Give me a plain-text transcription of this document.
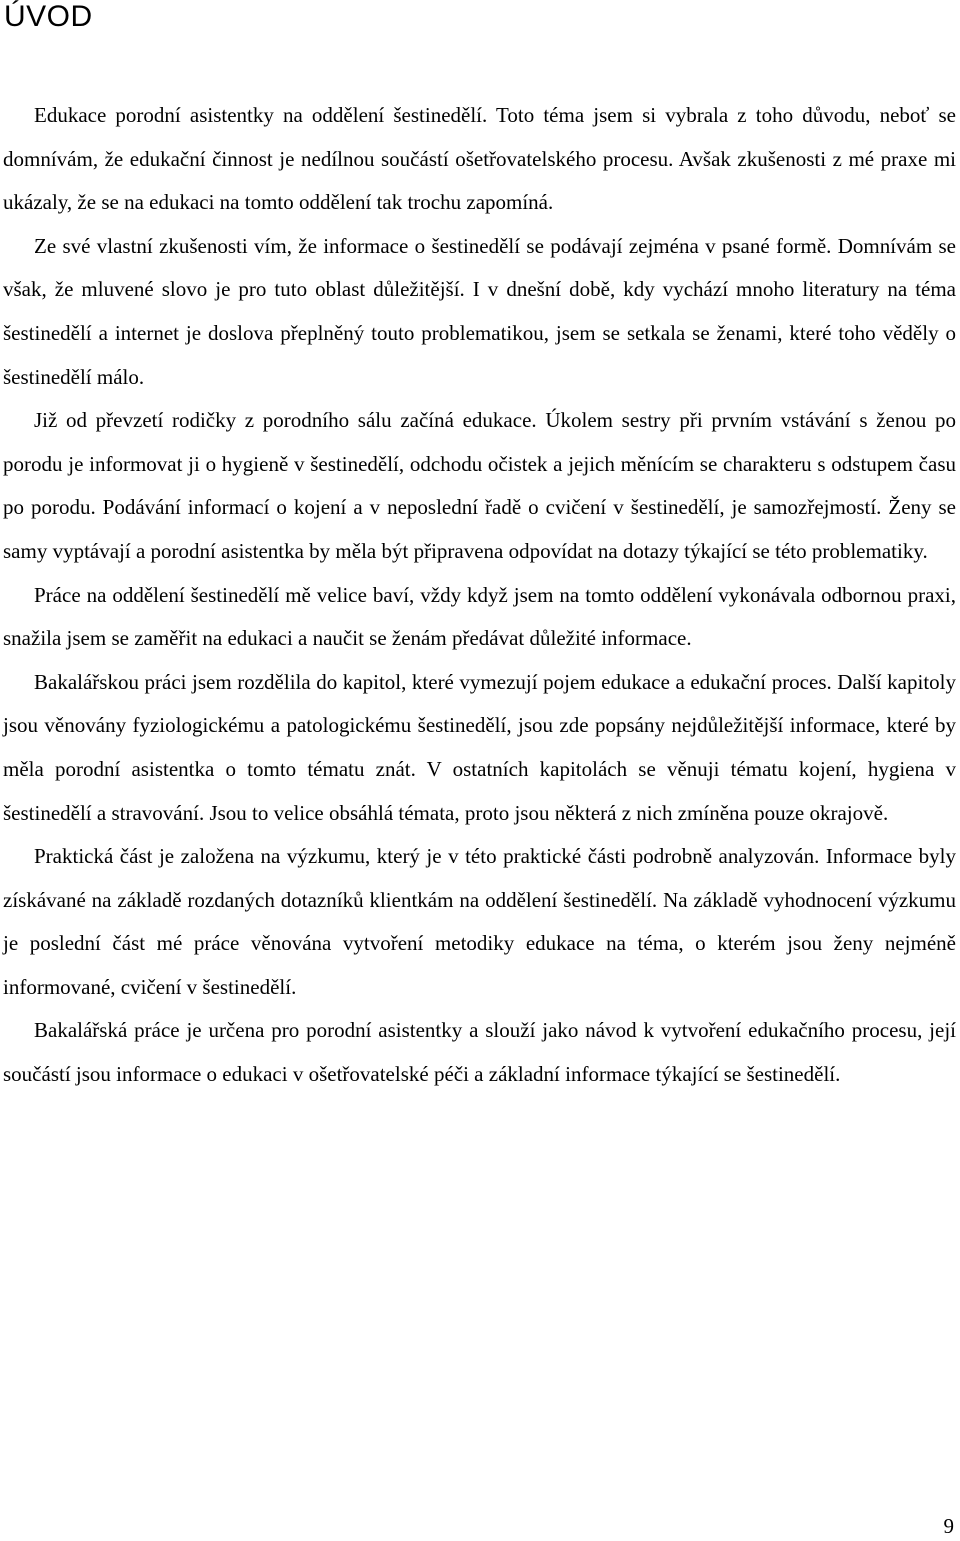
ÚVOD

Edukace porodní asistentky na oddělení šestinedělí. Toto téma jsem si vybrala z toho důvodu, neboť se domnívám, že edukační činnost je nedílnou součástí ošetřovatelského procesu. Avšak zkušenosti z mé praxe mi ukázaly, že se na edukaci na tomto oddělení tak trochu zapomíná.

Ze své vlastní zkušenosti vím, že informace o šestinedělí se podávají zejména v psané formě. Domnívám se však, že mluvené slovo je pro tuto oblast důležitější. I v dnešní době, kdy vychází mnoho literatury na téma šestinedělí a internet je doslova přeplněný touto problematikou, jsem se setkala se ženami, které toho věděly o šestinedělí málo.

Již od převzetí rodičky z porodního sálu začíná edukace. Úkolem sestry při prvním vstávání s ženou po porodu je informovat ji o hygieně v šestinedělí, odchodu očistek a jejich měnícím se charakteru s odstupem času po porodu. Podávání informací o kojení a v neposlední řadě o cvičení v šestinedělí, je samozřejmostí. Ženy se samy vyptávají a porodní asistentka by měla být připravena odpovídat na dotazy týkající se této problematiky.

Práce na oddělení šestinedělí mě velice baví, vždy když jsem na tomto oddělení vykonávala odbornou praxi, snažila jsem se zaměřit na edukaci a naučit se ženám předávat důležité informace.

Bakalářskou práci jsem rozdělila do kapitol, které vymezují pojem edukace a edukační proces. Další kapitoly jsou věnovány fyziologickému a patologickému šestinedělí, jsou zde popsány nejdůležitější informace, které by měla porodní asistentka o tomto tématu znát. V ostatních kapitolách se věnuji tématu kojení, hygiena v šestinedělí a stravování. Jsou to velice obsáhlá témata, proto jsou některá z nich zmíněna pouze okrajově.

Praktická část je založena na výzkumu, který je v této praktické části podrobně analyzován. Informace byly získávané na základě rozdaných dotazníků klientkám na oddělení šestinedělí. Na základě vyhodnocení výzkumu je poslední část mé práce věnována vytvoření metodiky edukace na téma, o kterém jsou ženy nejméně informované, cvičení v šestinedělí.

Bakalářská práce je určena pro porodní asistentky a slouží jako návod k vytvoření edukačního procesu, její součástí jsou informace o edukaci v ošetřovatelské péči a základní informace týkající se šestinedělí.

9
